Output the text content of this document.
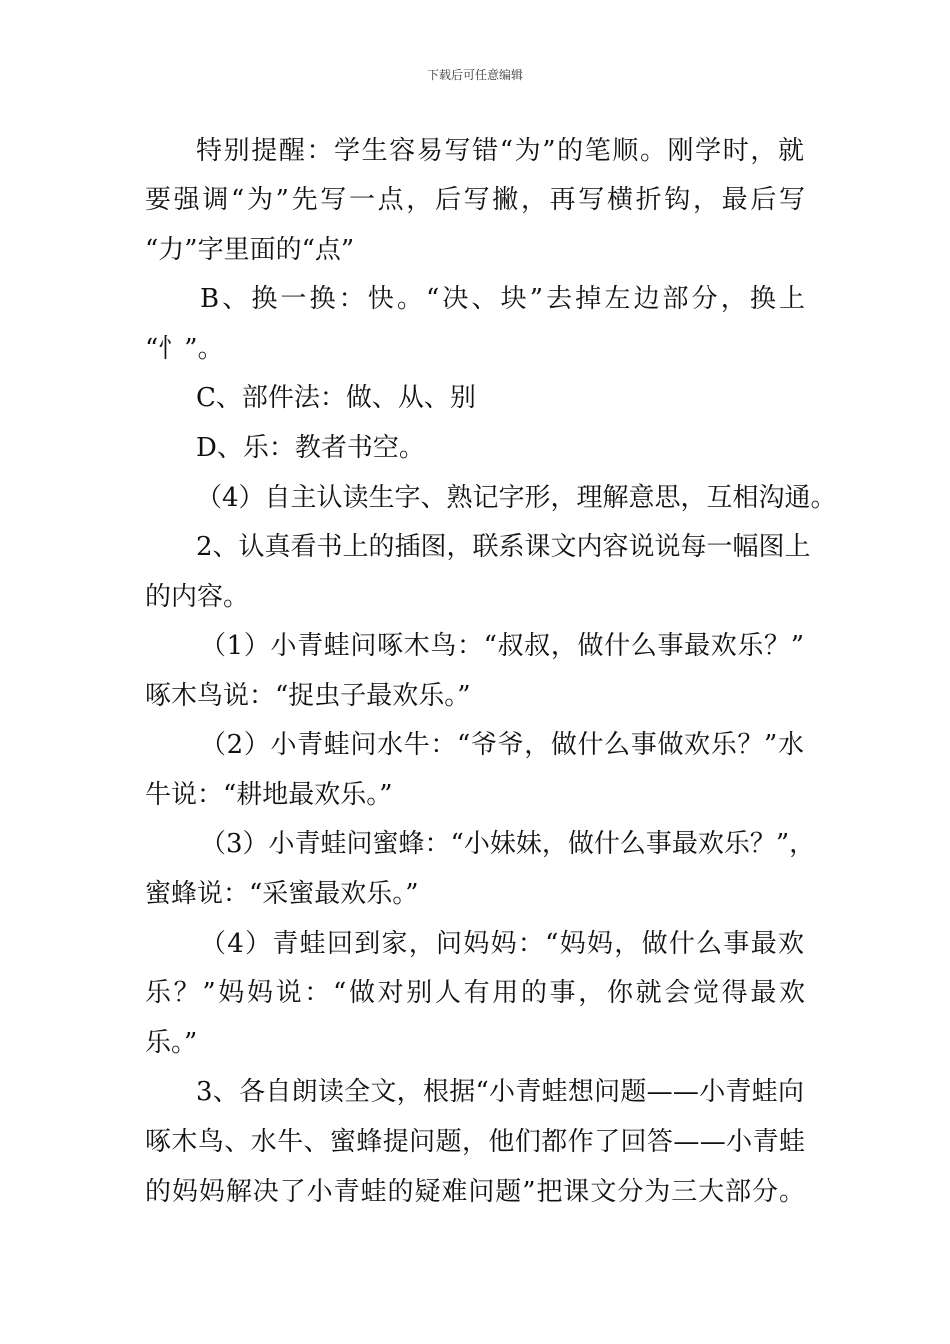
下载后可任意编辑
特别提醒：学生容易写错“为”的笔顺。刚学时，就
要强调“为”先写一点，后写撇，再写横折钩，最后写
“力”字里面的“点”
B、换一换：快。“决、块”去掉左边部分，换上
“忄”。
C、部件法：做、从、别
D、乐：教者书空。
（4）自主认读生字、熟记字形，理解意思，互相沟通。
2、认真看书上的插图，联系课文内容说说每一幅图上
的内容。
（1）小青蛙问啄木鸟：“叔叔，做什么事最欢乐？”
啄木鸟说：“捉虫子最欢乐。”
（2）小青蛙问水牛：“爷爷，做什么事做欢乐？”水
牛说：“耕地最欢乐。”
（3）小青蛙问蜜蜂：“小妹妹，做什么事最欢乐？”，
蜜蜂说：“采蜜最欢乐。”
（4）青蛙回到家，问妈妈：“妈妈，做什么事最欢
乐？”妈妈说：“做对别人有用的事，你就会觉得最欢
乐。”
3、各自朗读全文，根据“小青蛙想问题——小青蛙向
啄木鸟、水牛、蜜蜂提问题，他们都作了回答——小青蛙
的妈妈解决了小青蛙的疑难问题”把课文分为三大部分。
